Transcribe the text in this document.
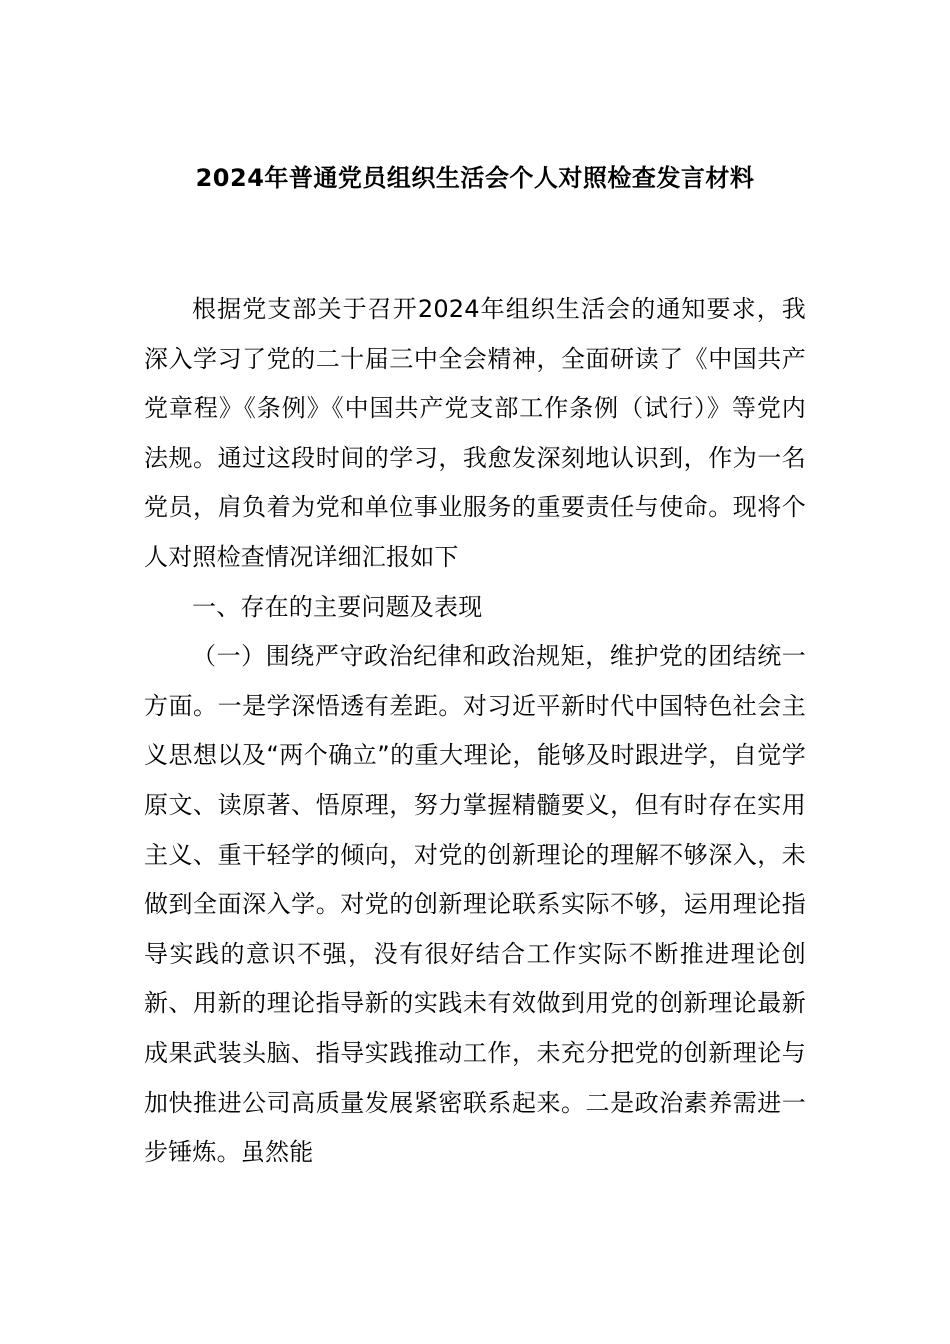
2024年普通党员组织生活会个人对照检查发言材料

根据党支部关于召开2024年组织生活会的通知要求，我深入学习了党的二十届三中全会精神，全面研读了《中国共产党章程》《条例》《中国共产党支部工作条例（试行）》等党内法规。通过这段时间的学习，我愈发深刻地认识到，作为一名党员，肩负着为党和单位事业服务的重要责任与使命。现将个人对照检查情况详细汇报如下

一、存在的主要问题及表现

（一）围绕严守政治纪律和政治规矩，维护党的团结统一方面。一是学深悟透有差距。对习近平新时代中国特色社会主义思想以及“两个确立”的重大理论，能够及时跟进学，自觉学原文、读原著、悟原理，努力掌握精髓要义，但有时存在实用主义、重干轻学的倾向，对党的创新理论的理解不够深入，未做到全面深入学。对党的创新理论联系实际不够，运用理论指导实践的意识不强，没有很好结合工作实际不断推进理论创新、用新的理论指导新的实践未有效做到用党的创新理论最新成果武装头脑、指导实践推动工作，未充分把党的创新理论与加快推进公司高质量发展紧密联系起来。二是政治素养需进一步锤炼。虽然能
